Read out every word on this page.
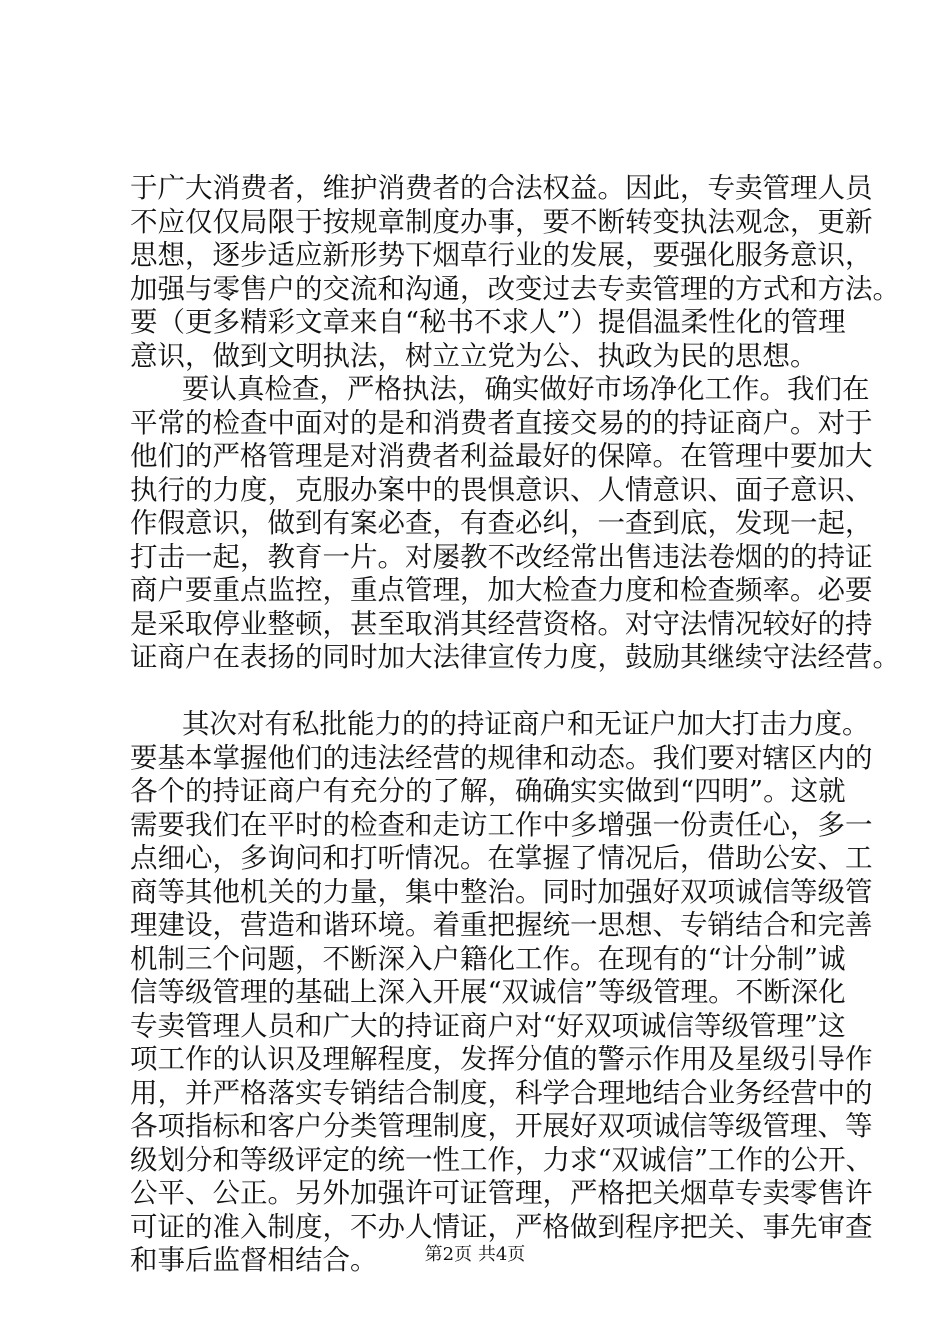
于广大消费者，维护消费者的合法权益。因此，专卖管理人员
不应仅仅局限于按规章制度办事，要不断转变执法观念，更新
思想，逐步适应新形势下烟草行业的发展，要强化服务意识，
加强与零售户的交流和沟通，改变过去专卖管理的方式和方法。
要（更多精彩文章来自“秘书不求人”）提倡温柔性化的管理
意识，做到文明执法，树立立党为公、执政为民的思想。
要认真检查，严格执法，确实做好市场净化工作。我们在
平常的检查中面对的是和消费者直接交易的的持证商户。对于
他们的严格管理是对消费者利益最好的保障。在管理中要加大
执行的力度，克服办案中的畏惧意识、人情意识、面子意识、
作假意识，做到有案必查，有查必纠，一查到底，发现一起，
打击一起，教育一片。对屡教不改经常出售违法卷烟的的持证
商户要重点监控，重点管理，加大检查力度和检查频率。必要
是采取停业整顿，甚至取消其经营资格。对守法情况较好的持
证商户在表扬的同时加大法律宣传力度，鼓励其继续守法经营。
其次对有私批能力的的持证商户和无证户加大打击力度。
要基本掌握他们的违法经营的规律和动态。我们要对辖区内的
各个的持证商户有充分的了解，确确实实做到“四明”。这就
需要我们在平时的检查和走访工作中多增强一份责任心，多一
点细心，多询问和打听情况。在掌握了情况后，借助公安、工
商等其他机关的力量，集中整治。同时加强好双项诚信等级管
理建设，营造和谐环境。着重把握统一思想、专销结合和完善
机制三个问题，不断深入户籍化工作。在现有的“计分制”诚
信等级管理的基础上深入开展“双诚信”等级管理。不断深化
专卖管理人员和广大的持证商户对“好双项诚信等级管理”这
项工作的认识及理解程度，发挥分值的警示作用及星级引导作
用，并严格落实专销结合制度，科学合理地结合业务经营中的
各项指标和客户分类管理制度，开展好双项诚信等级管理、等
级划分和等级评定的统一性工作，力求“双诚信”工作的公开、
公平、公正。另外加强许可证管理，严格把关烟草专卖零售许
可证的准入制度，不办人情证，严格做到程序把关、事先审查
和事后监督相结合。	第2页 共4页
